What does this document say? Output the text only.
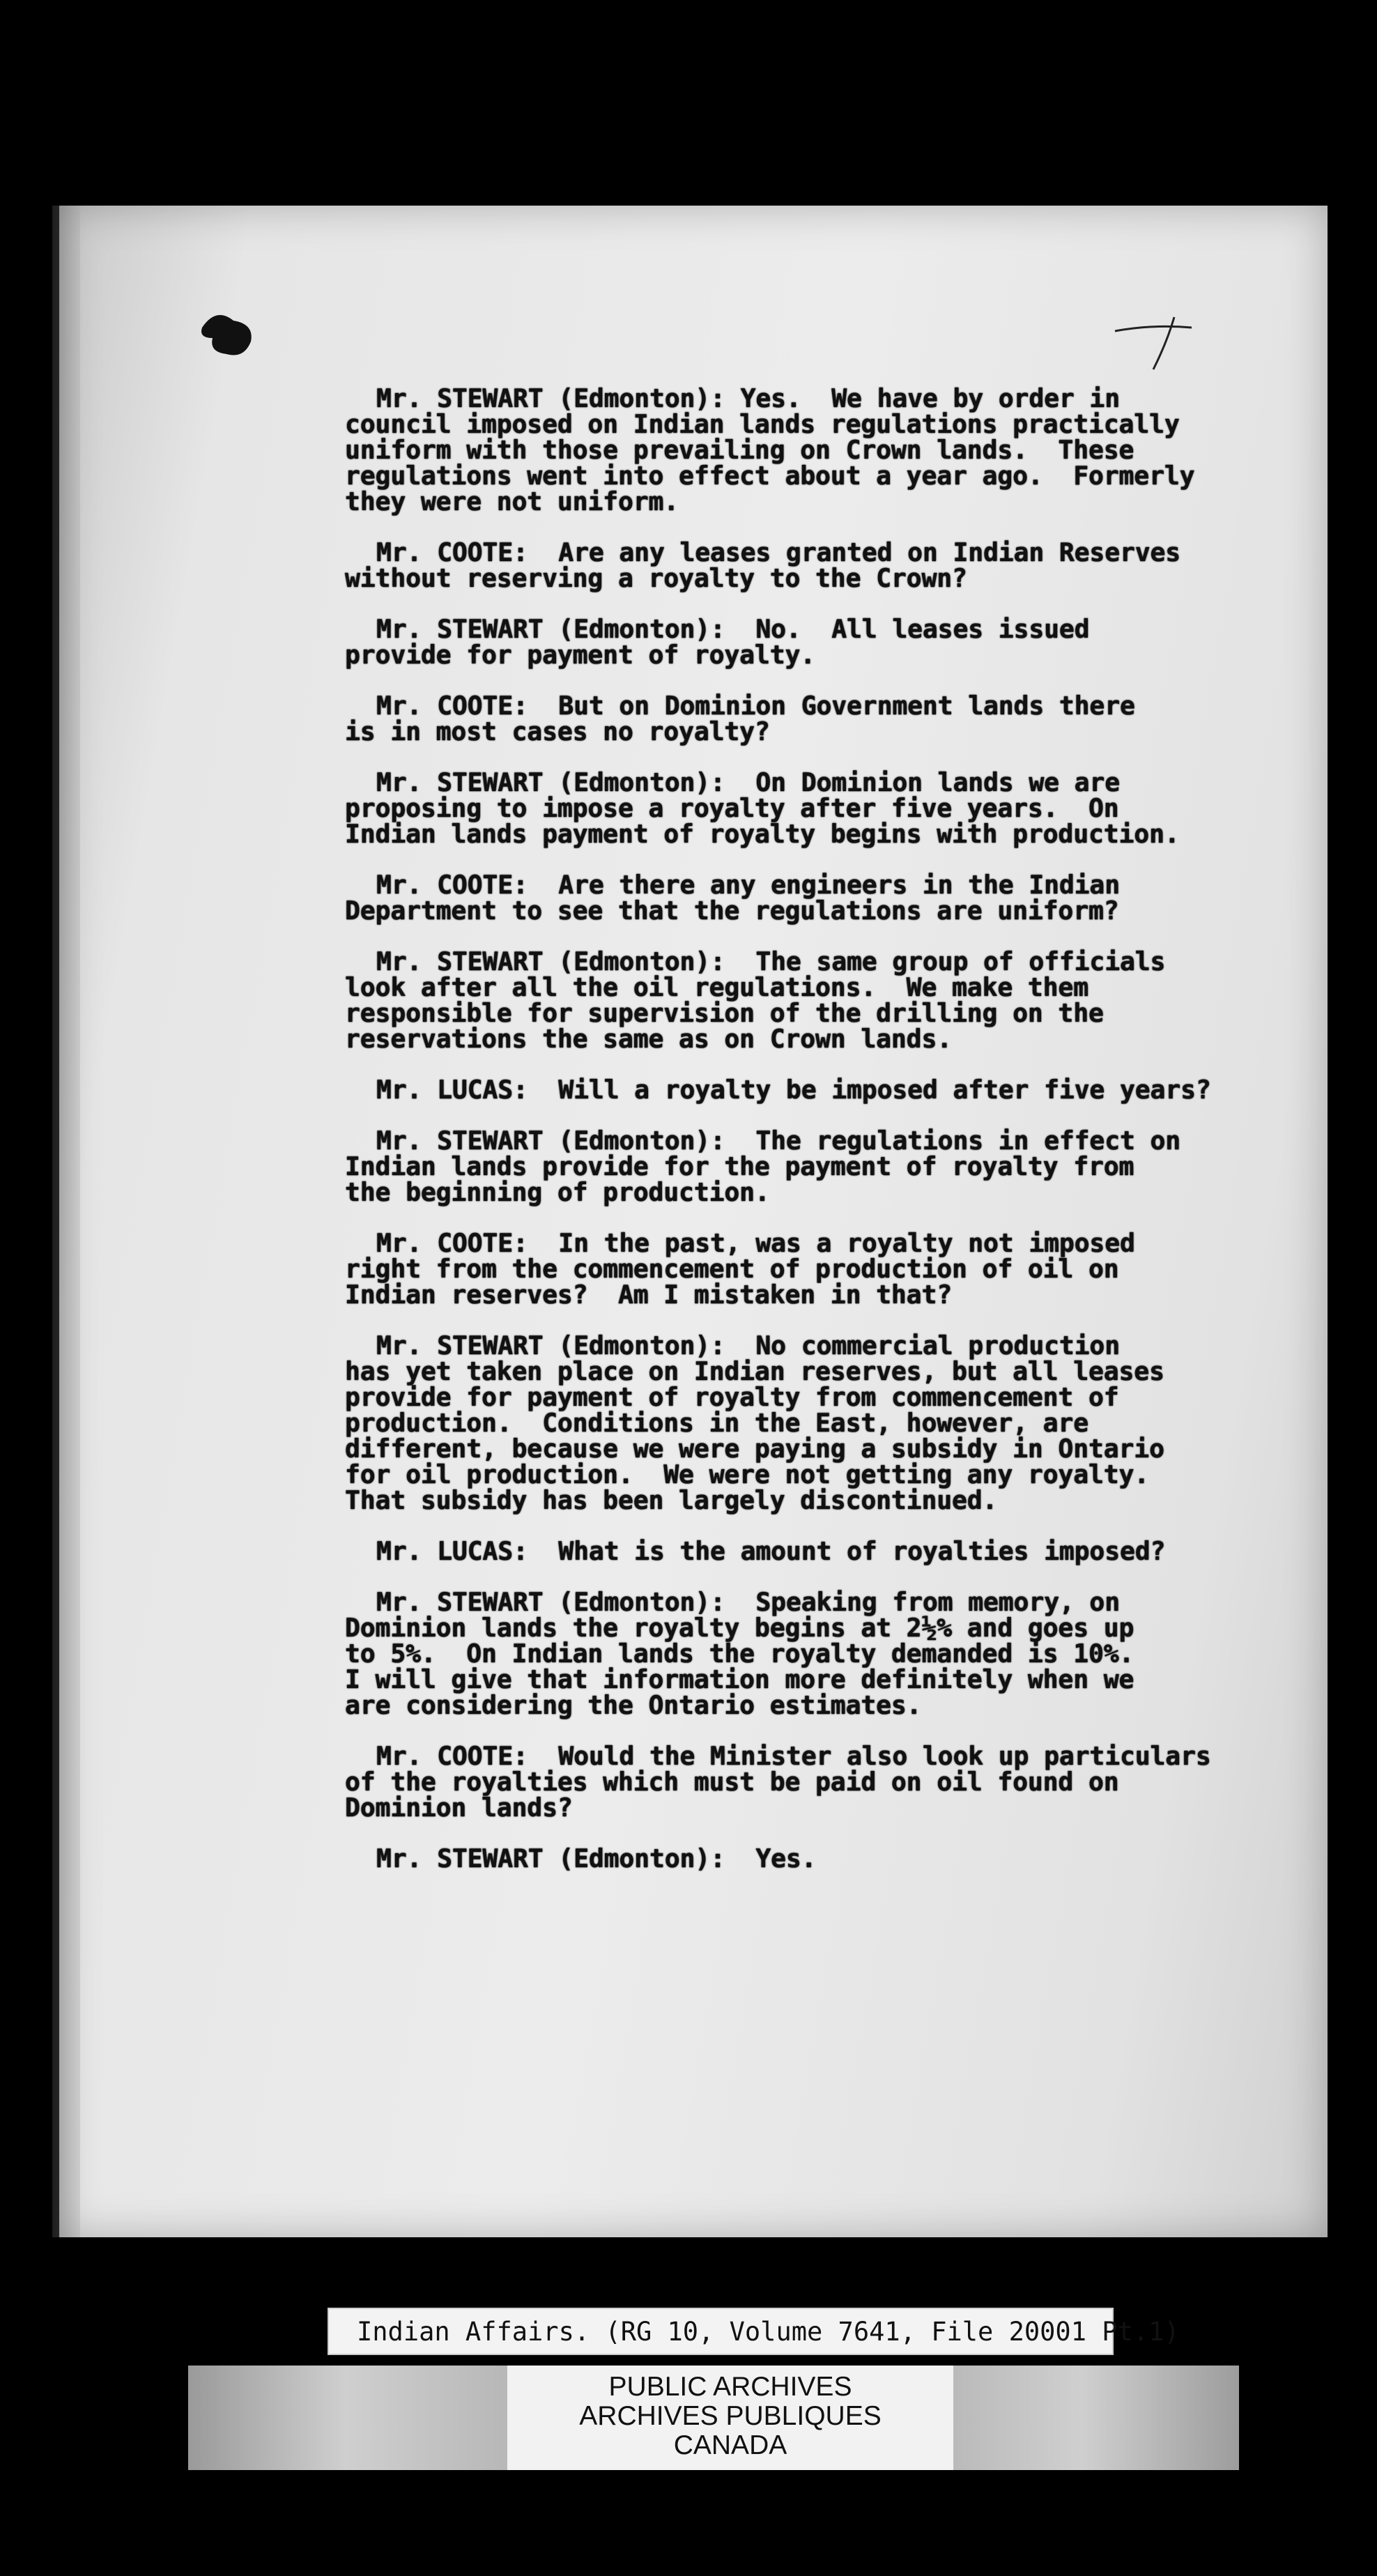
Mr. STEWART (Edmonton): Yes.  We have by order in
council imposed on Indian lands regulations practically
uniform with those prevailing on Crown lands.  These
regulations went into effect about a year ago.  Formerly
they were not uniform.
Mr. COOTE:  Are any leases granted on Indian Reserves
without reserving a royalty to the Crown?
Mr. STEWART (Edmonton):  No.  All leases issued
provide for payment of royalty.
Mr. COOTE:  But on Dominion Government lands there
is in most cases no royalty?
Mr. STEWART (Edmonton):  On Dominion lands we are
proposing to impose a royalty after five years.  On
Indian lands payment of royalty begins with production.
Mr. COOTE:  Are there any engineers in the Indian
Department to see that the regulations are uniform?
Mr. STEWART (Edmonton):  The same group of officials
look after all the oil regulations.  We make them
responsible for supervision of the drilling on the
reservations the same as on Crown lands.
Mr. LUCAS:  Will a royalty be imposed after five years?
Mr. STEWART (Edmonton):  The regulations in effect on
Indian lands provide for the payment of royalty from
the beginning of production.
Mr. COOTE:  In the past, was a royalty not imposed
right from the commencement of production of oil on
Indian reserves?  Am I mistaken in that?
Mr. STEWART (Edmonton):  No commercial production
has yet taken place on Indian reserves, but all leases
provide for payment of royalty from commencement of
production.  Conditions in the East, however, are
different, because we were paying a subsidy in Ontario
for oil production.  We were not getting any royalty.
That subsidy has been largely discontinued.
Mr. LUCAS:  What is the amount of royalties imposed?
Mr. STEWART (Edmonton):  Speaking from memory, on
Dominion lands the royalty begins at 2½% and goes up
to 5%.  On Indian lands the royalty demanded is 10%.
I will give that information more definitely when we
are considering the Ontario estimates.
Mr. COOTE:  Would the Minister also look up particulars
of the royalties which must be paid on oil found on
Dominion lands?
Mr. STEWART (Edmonton):  Yes.
Indian Affairs. (RG 10, Volume 7641, File 20001 Pt.1)
PUBLIC ARCHIVES
ARCHIVES PUBLIQUES
CANADA
